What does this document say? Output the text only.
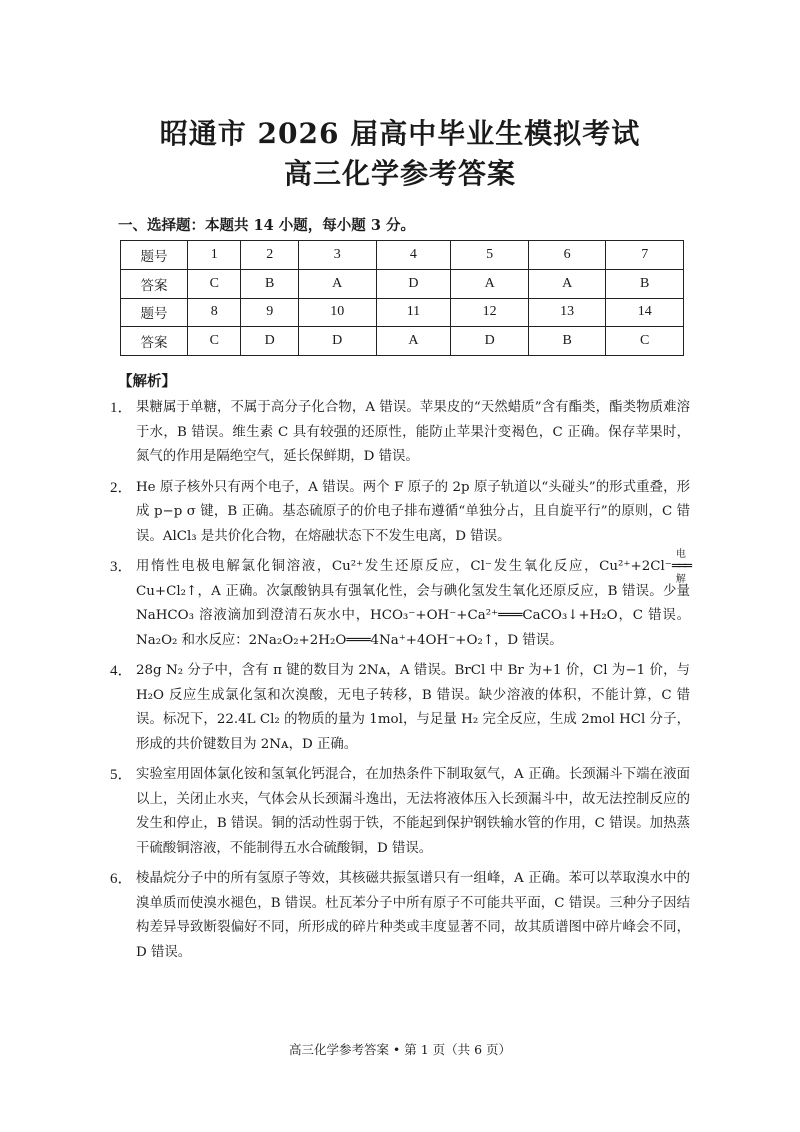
昭通市 2026 届高中毕业生模拟考试
高三化学参考答案
一、选择题：本题共 14 小题，每小题 3 分。
题号	1	2	3	4	5	6	7
答案	C	B	A	D	A	A	B
题号	8	9	10	11	12	13	14
答案	C	D	D	A	D	B	C
【解析】
1． 果糖属于单糖，不属于高分子化合物，A 错误。苹果皮的“天然蜡质”含有酯类，酯类物质难溶于水，B 错误。维生素 C 具有较强的还原性，能防止苹果汁变褐色，C 正确。保存苹果时，氮气的作用是隔绝空气，延长保鲜期，D 错误。
2． He 原子核外只有两个电子，A 错误。两个 F 原子的 2p 原子轨道以“头碰头”的形式重叠，形成 p−p σ 键，B 正确。基态硫原子的价电子排布遵循“单独分占，且自旋平行”的原则，C 错误。AlCl₃ 是共价化合物，在熔融状态下不发生电离，D 错误。
3． 用惰性电极电解氯化铜溶液，Cu²⁺发生还原反应，Cl⁻发生氧化反应，Cu²⁺+2Cl⁻
电解
═══Cu+Cl₂↑，A 正确。次氯酸钠具有强氧化性，会与碘化氢发生氧化还原反应，B 错误。少量 NaHCO₃ 溶液滴加到澄清石灰水中，HCO₃⁻+OH⁻+Ca²⁺═══CaCO₃↓+H₂O，C 错误。Na₂O₂ 和水反应：2Na₂O₂+2H₂O═══4Na⁺+4OH⁻+O₂↑，D 错误。
4． 28g N₂ 分子中，含有 π 键的数目为 2Nᴀ，A 错误。BrCl 中 Br 为+1 价，Cl 为−1 价，与 H₂O 反应生成氯化氢和次溴酸，无电子转移，B 错误。缺少溶液的体积，不能计算，C 错误。标况下，22.4L Cl₂ 的物质的量为 1mol，与足量 H₂ 完全反应，生成 2mol HCl 分子，形成的共价键数目为 2Nᴀ，D 正确。
5． 实验室用固体氯化铵和氢氧化钙混合，在加热条件下制取氨气，A 正确。长颈漏斗下端在液面以上，关闭止水夹，气体会从长颈漏斗逸出，无法将液体压入长颈漏斗中，故无法控制反应的发生和停止，B 错误。铜的活动性弱于铁，不能起到保护钢铁输水管的作用，C 错误。加热蒸干硫酸铜溶液，不能制得五水合硫酸铜，D 错误。
6． 棱晶烷分子中的所有氢原子等效，其核磁共振氢谱只有一组峰，A 正确。苯可以萃取溴水中的溴单质而使溴水褪色，B 错误。杜瓦苯分子中所有原子不可能共平面，C 错误。三种分子因结构差异导致断裂偏好不同，所形成的碎片种类或丰度显著不同，故其质谱图中碎片峰会不同，D 错误。
高三化学参考答案 • 第 1 页（共 6 页）
